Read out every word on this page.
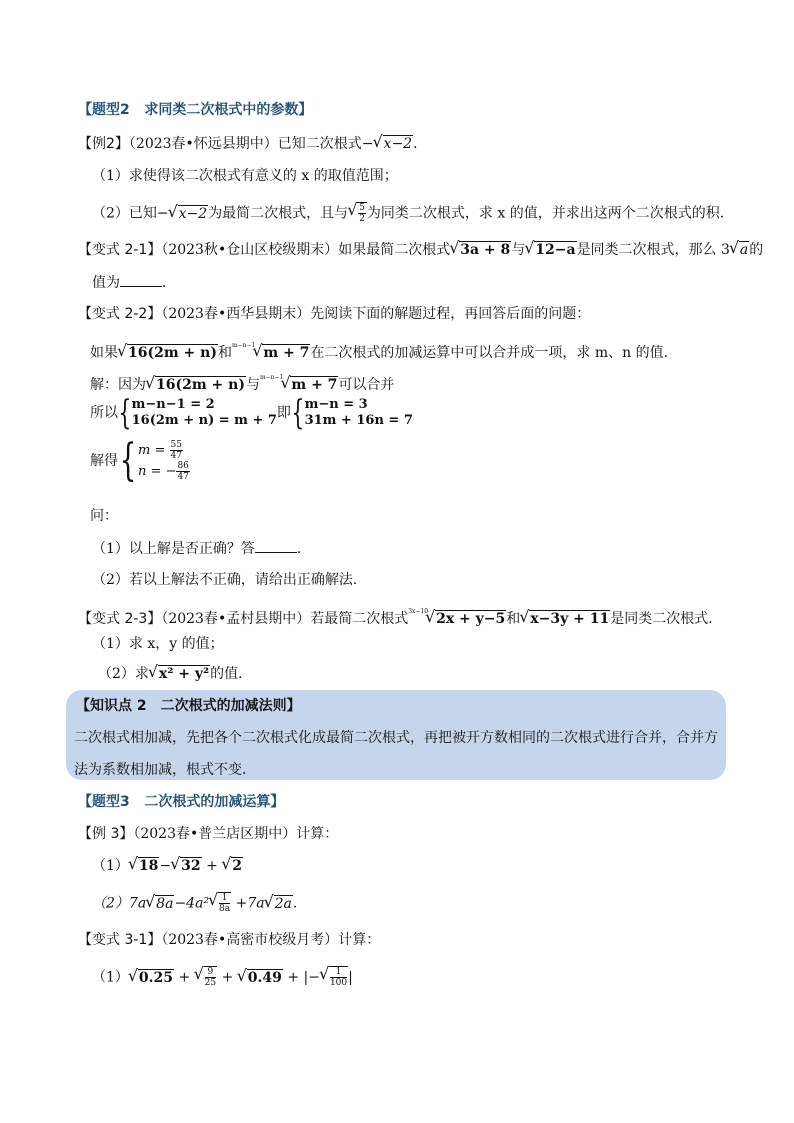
【题型2 求同类二次根式中的参数】
【例2】（2023春•怀远县期中）已知二次根式−√ x−2．
（1）求使得该二次根式有意义的 x 的取值范围；
（2）已知−√ x−2为最简二次根式，且与
√ $\frac{5}{2}$ 为同类二次根式，求 x 的值，并求出这两个二次根式的积．
【变式 2-1】（2023秋•仓山区校级期末）如果最简二次根式√ 3a + 8与√ 12−a是同类二次根式，那么 3√ a的
值为	．
【变式 2-2】（2023春•西华县期末）先阅读下面的解题过程，再回答后面的问题：
如果√ 16(2m + n)和$^{m-n-1}$√ m + 7在二次根式的加减运算中可以合并成一项，求 m、n 的值．
解：因为√ 16(2m + n)与$^{m-n-1}$√ m + 7可以合并
所以{ m−n−1 = 2
16(2m + n) = m + 7 即{ m−n = 3
31m + 16n = 7
解得{ $m = \frac{55}{47}$
n = − $\frac{86}{47}$
问：
（1）以上解是否正确？答	．
（2）若以上解法不正确，请给出正确解法．
【变式 2-3】（2023春•孟村县期中）若最简二次根式$^{3x-10}$√ 2x + y−5和√ x−3y + 11是同类二次根式．
（1）求 x，y 的值；
（2）求√ x² + y²的值．
【知识点 2　二次根式的加减法则】
二次根式相加减，先把各个二次根式化成最简二次根式，再把被开方数相同的二次根式进行合并，合并方
法为系数相加减，根式不变．
【题型3 二次根式的加减运算】
【例 3】（2023春•普兰店区期中）计算：
（1）√ 18−√ 32 + √ 2
（2）7a√ 8a−4a²
√ $\frac{1}{8a} +7a√$ 2a．
【变式 3-1】（2023春•高密市校级月考）计算：
（1）√ 0.25 +
√ $\frac{9}{25}$ + √ 0.49 + |−
√ $\frac{1}{100}$ |
